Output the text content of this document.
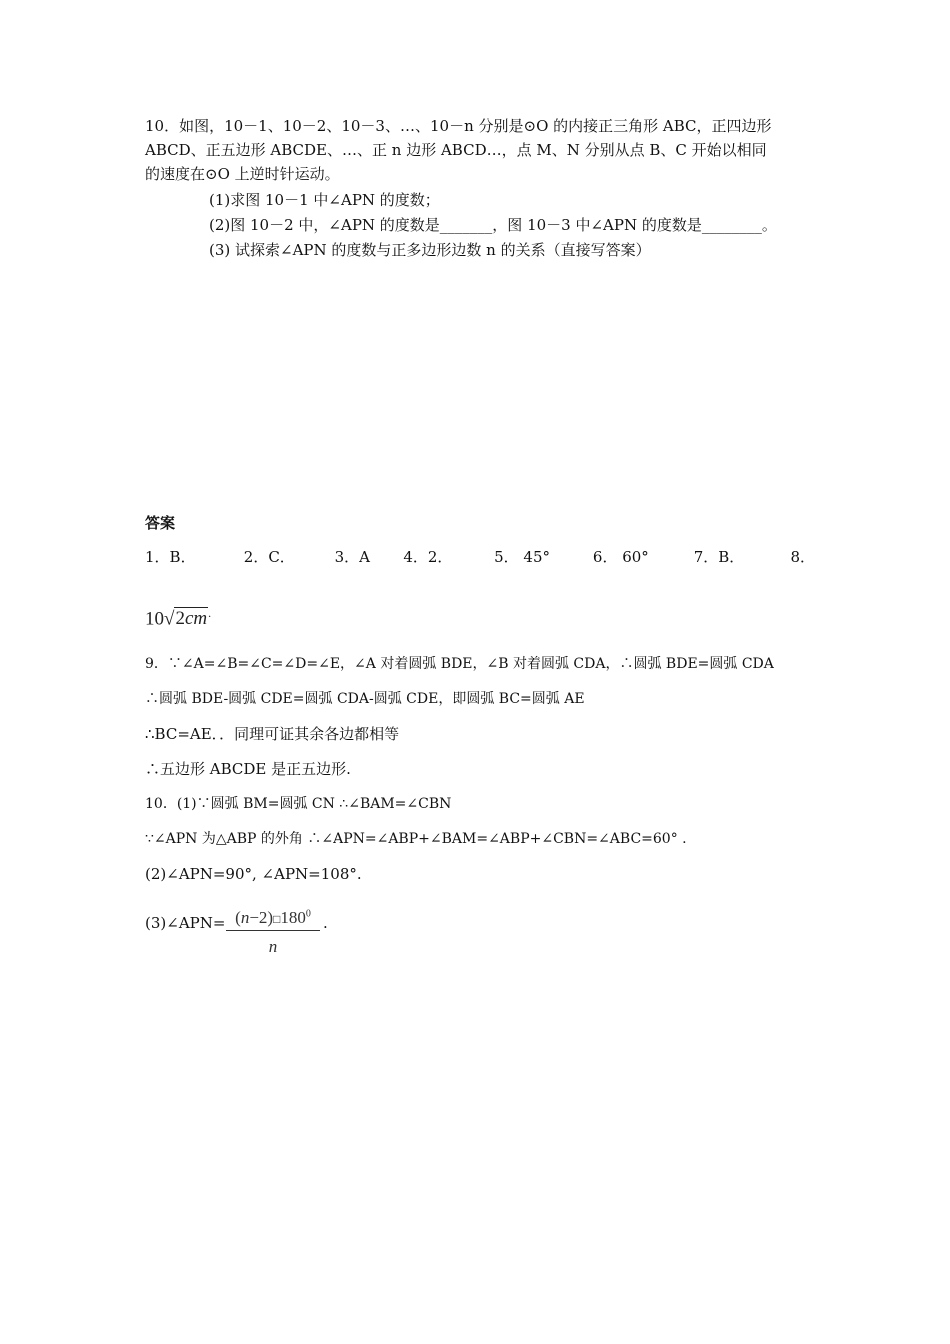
10．如图，10－1、10－2、10－3、…、10－n 分别是⊙O 的内接正三角形 ABC，正四边形
ABCD、正五边形 ABCDE、…、正 n 边形 ABCD…，点 M、N 分别从点 B、C 开始以相同
的速度在⊙O 上逆时针运动。
(1)求图 10－1 中∠APN 的度数；
(2)图 10－2 中，∠APN 的度数是_______，图 10－3 中∠APN 的度数是________。
(3) 试探索∠APN 的度数与正多边形边数 n 的关系（直接写答案）
答案
1．B．	2．C．	3．A 4．2．	5． 45°	6． 60°	7．B．	8．
10√2cm.
9．∵∠A=∠B=∠C=∠D=∠E，∠A 对着圆弧 BDE，∠B 对着圆弧 CDA，∴圆弧 BDE=圆弧 CDA
∴圆弧 BDE-圆弧 CDE=圆弧 CDA-圆弧 CDE，即圆弧 BC=圆弧 AE
∴BC=AE．．同理可证其余各边都相等
∴五边形 ABCDE 是正五边形.
10．(1)∵圆弧 BM=圆弧 CN ∴∠BAM=∠CBN
∵∠APN 为△ABP 的外角 ∴∠APN=∠ABP+∠BAM=∠ABP+∠CBN=∠ABC=60° .
(2)∠APN=90°, ∠APN=108°.
(3)∠APN= $\frac{(n-2)□180^0}{n}$ .
